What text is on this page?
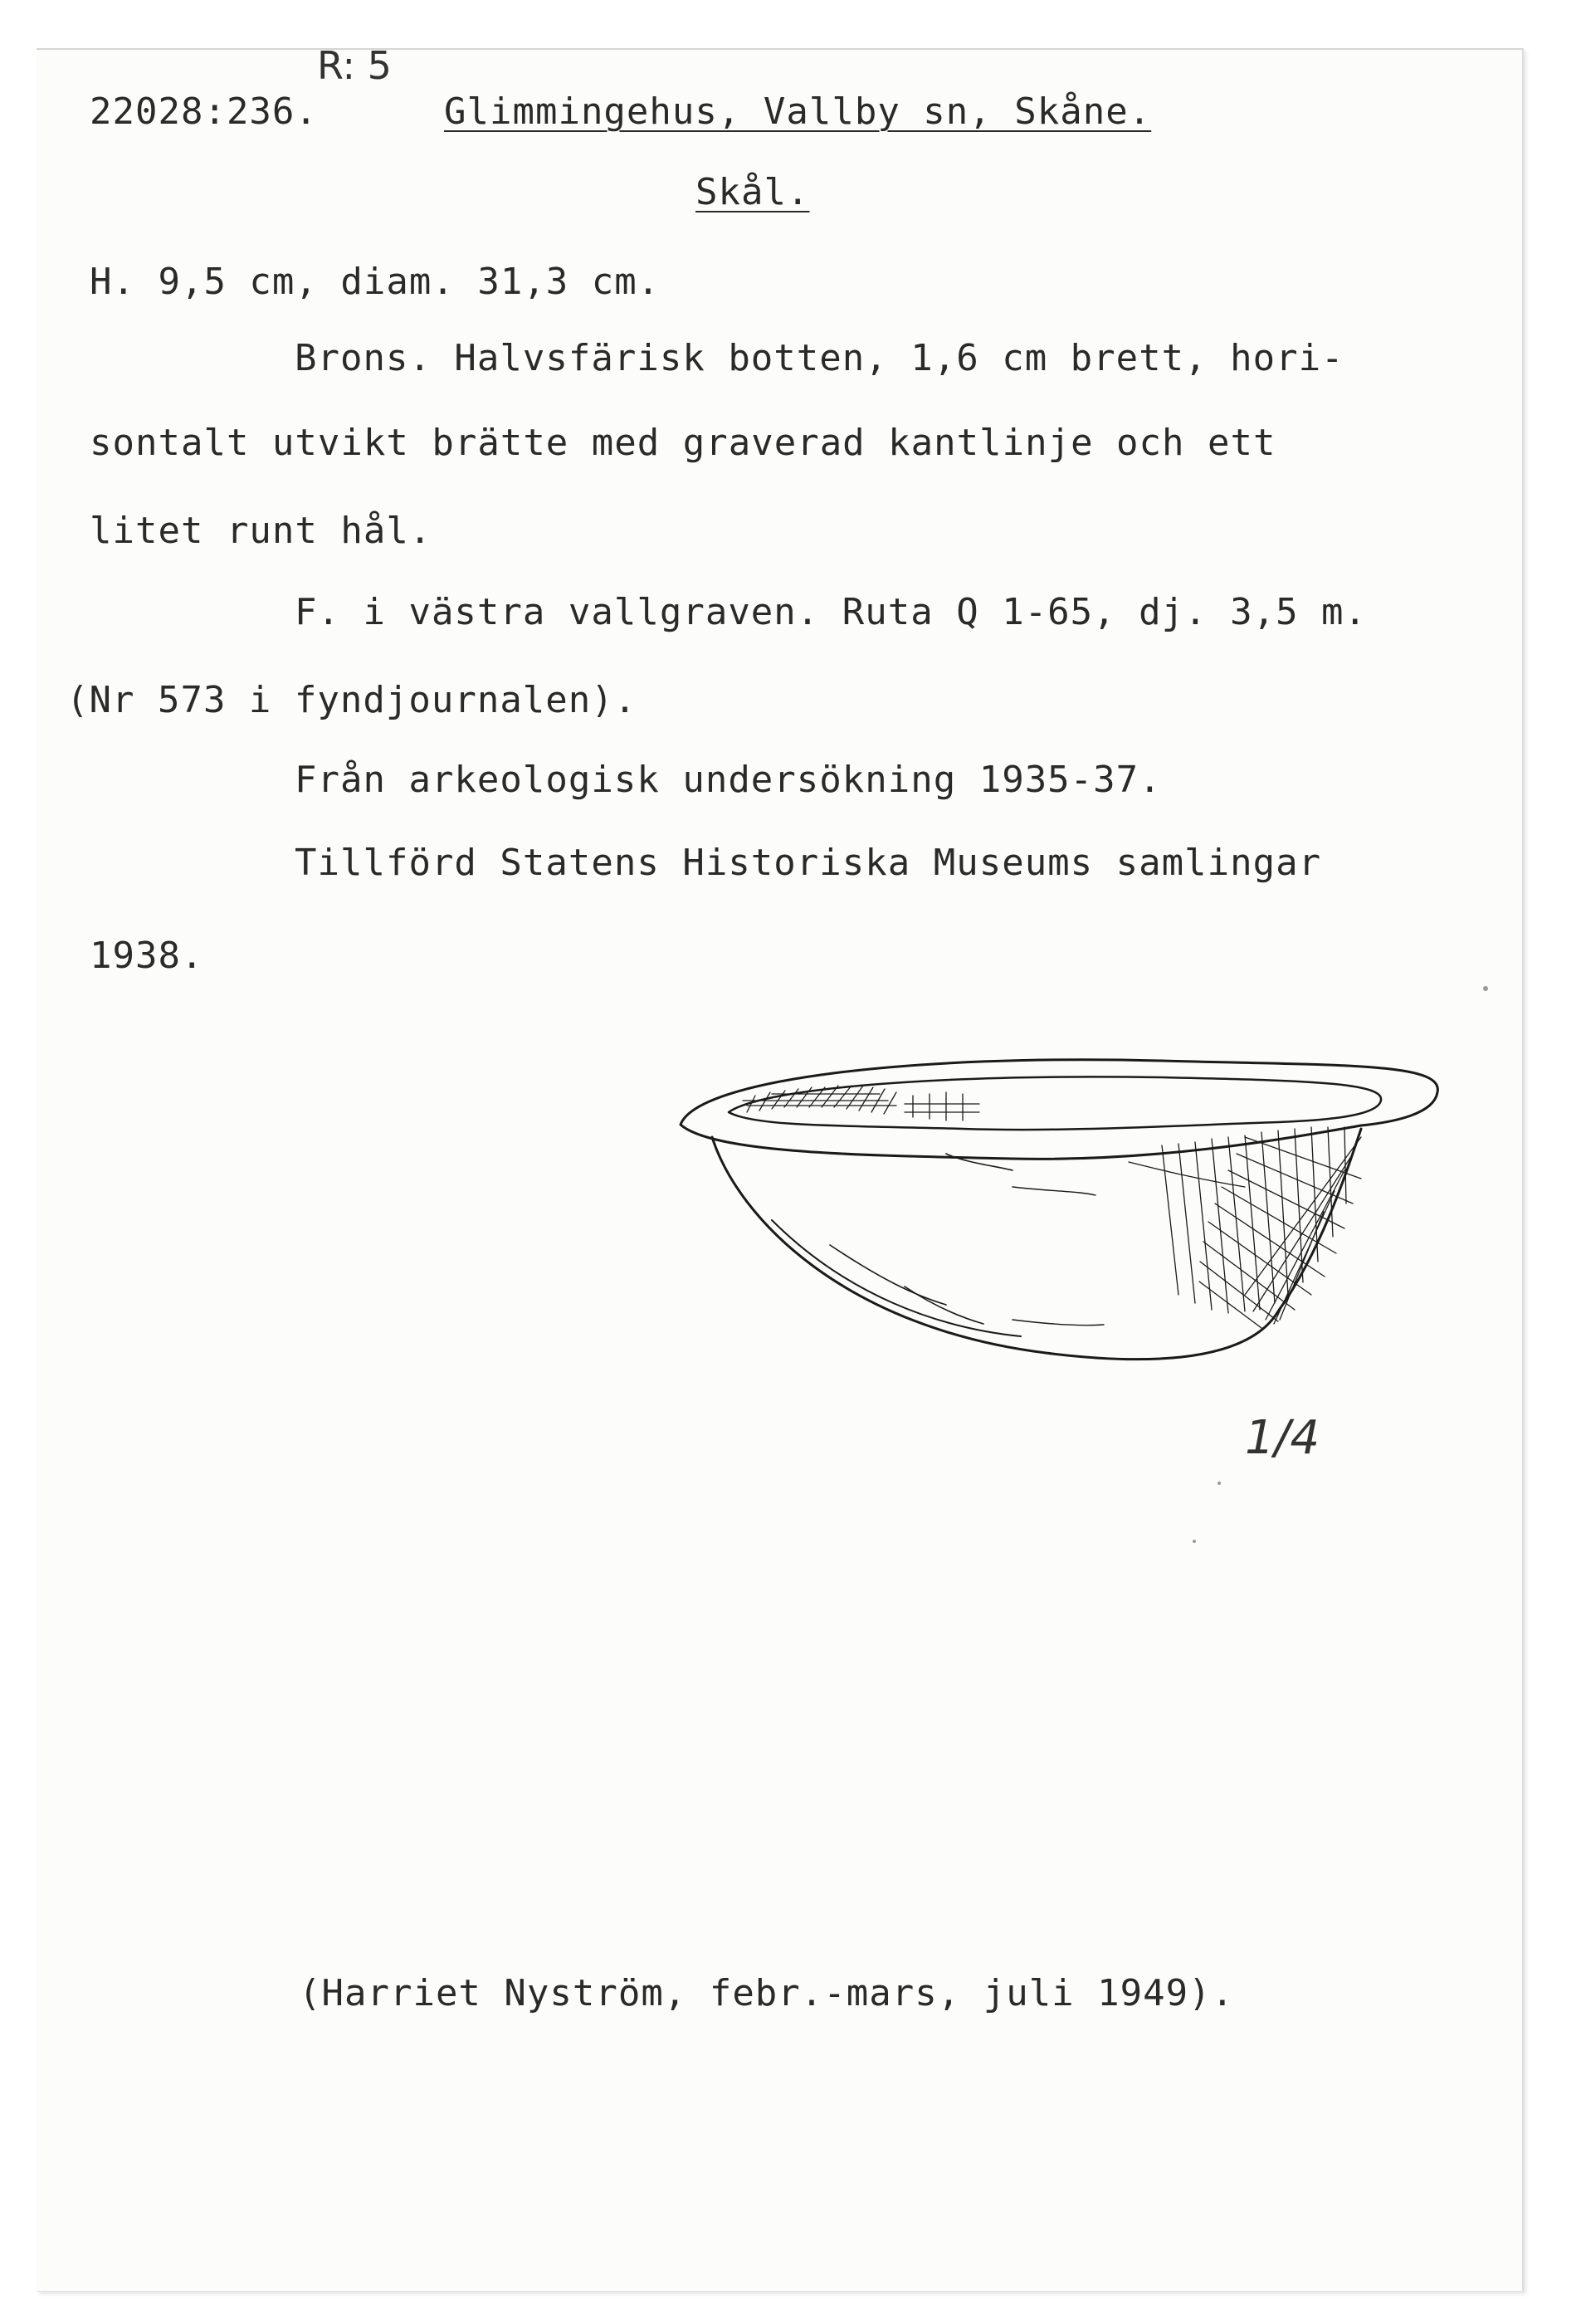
R: 5
22028:236.	Glimmingehus, Vallby sn, Skåne.
Skål.
H. 9,5 cm, diam. 31,3 cm.
Brons. Halvsfärisk botten, 1,6 cm brett, hori-
sontalt utvikt brätte med graverad kantlinje och ett
litet runt hål.
F. i västra vallgraven. Ruta Q 1-65, dj. 3,5 m.
(Nr 573 i fyndjournalen).
Från arkeologisk undersökning 1935-37.
Tillförd Statens Historiska Museums samlingar
1938.
1/4
(Harriet Nyström, febr.-mars, juli 1949).
